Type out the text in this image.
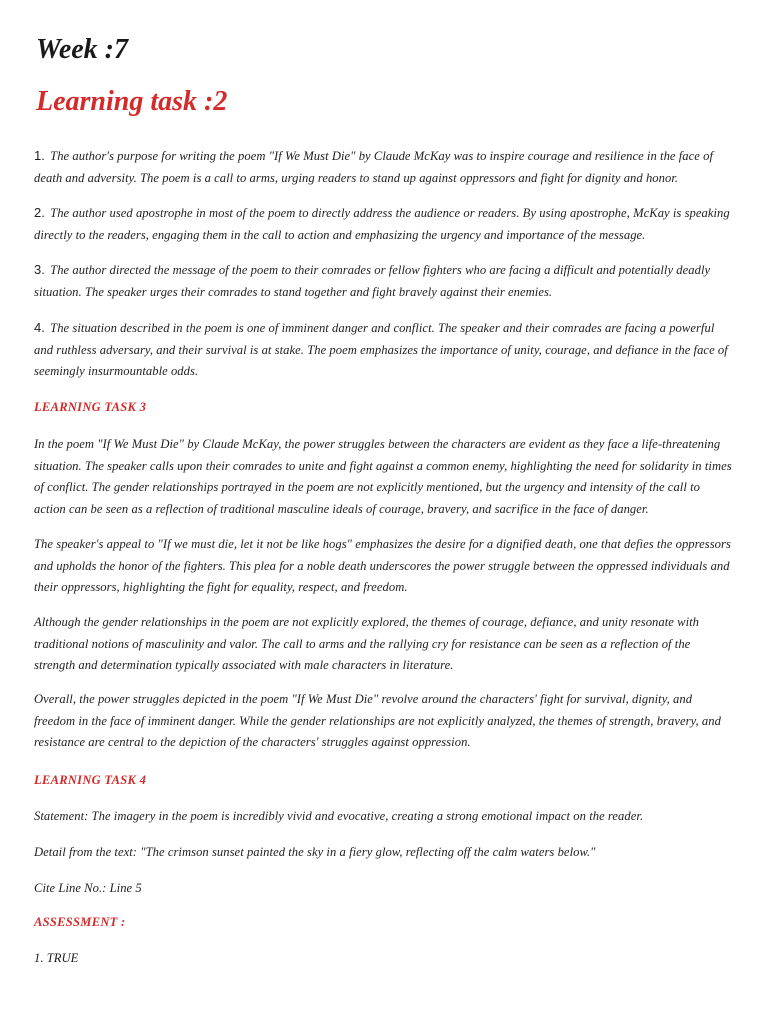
Week :7
Learning task :2

1. The author's purpose for writing the poem "If We Must Die" by Claude McKay was to inspire courage and resilience in the face of death and adversity. The poem is a call to arms, urging readers to stand up against oppressors and fight for dignity and honor.

2. The author used apostrophe in most of the poem to directly address the audience or readers. By using apostrophe, McKay is speaking directly to the readers, engaging them in the call to action and emphasizing the urgency and importance of the message.

3. The author directed the message of the poem to their comrades or fellow fighters who are facing a difficult and potentially deadly situation. The speaker urges their comrades to stand together and fight bravely against their enemies.

4. The situation described in the poem is one of imminent danger and conflict. The speaker and their comrades are facing a powerful and ruthless adversary, and their survival is at stake. The poem emphasizes the importance of unity, courage, and defiance in the face of seemingly insurmountable odds.

LEARNING TASK 3

In the poem "If We Must Die" by Claude McKay, the power struggles between the characters are evident as they face a life-threatening situation. The speaker calls upon their comrades to unite and fight against a common enemy, highlighting the need for solidarity in times of conflict. The gender relationships portrayed in the poem are not explicitly mentioned, but the urgency and intensity of the call to action can be seen as a reflection of traditional masculine ideals of courage, bravery, and sacrifice in the face of danger.

The speaker's appeal to "If we must die, let it not be like hogs" emphasizes the desire for a dignified death, one that defies the oppressors and upholds the honor of the fighters. This plea for a noble death underscores the power struggle between the oppressed individuals and their oppressors, highlighting the fight for equality, respect, and freedom.

Although the gender relationships in the poem are not explicitly explored, the themes of courage, defiance, and unity resonate with traditional notions of masculinity and valor. The call to arms and the rallying cry for resistance can be seen as a reflection of the strength and determination typically associated with male characters in literature.

Overall, the power struggles depicted in the poem "If We Must Die" revolve around the characters' fight for survival, dignity, and freedom in the face of imminent danger. While the gender relationships are not explicitly analyzed, the themes of strength, bravery, and resistance are central to the depiction of the characters' struggles against oppression.

LEARNING TASK 4

Statement: The imagery in the poem is incredibly vivid and evocative, creating a strong emotional impact on the reader.

Detail from the text: "The crimson sunset painted the sky in a fiery glow, reflecting off the calm waters below."

Cite Line No.: Line 5

ASSESSMENT :

1. TRUE
